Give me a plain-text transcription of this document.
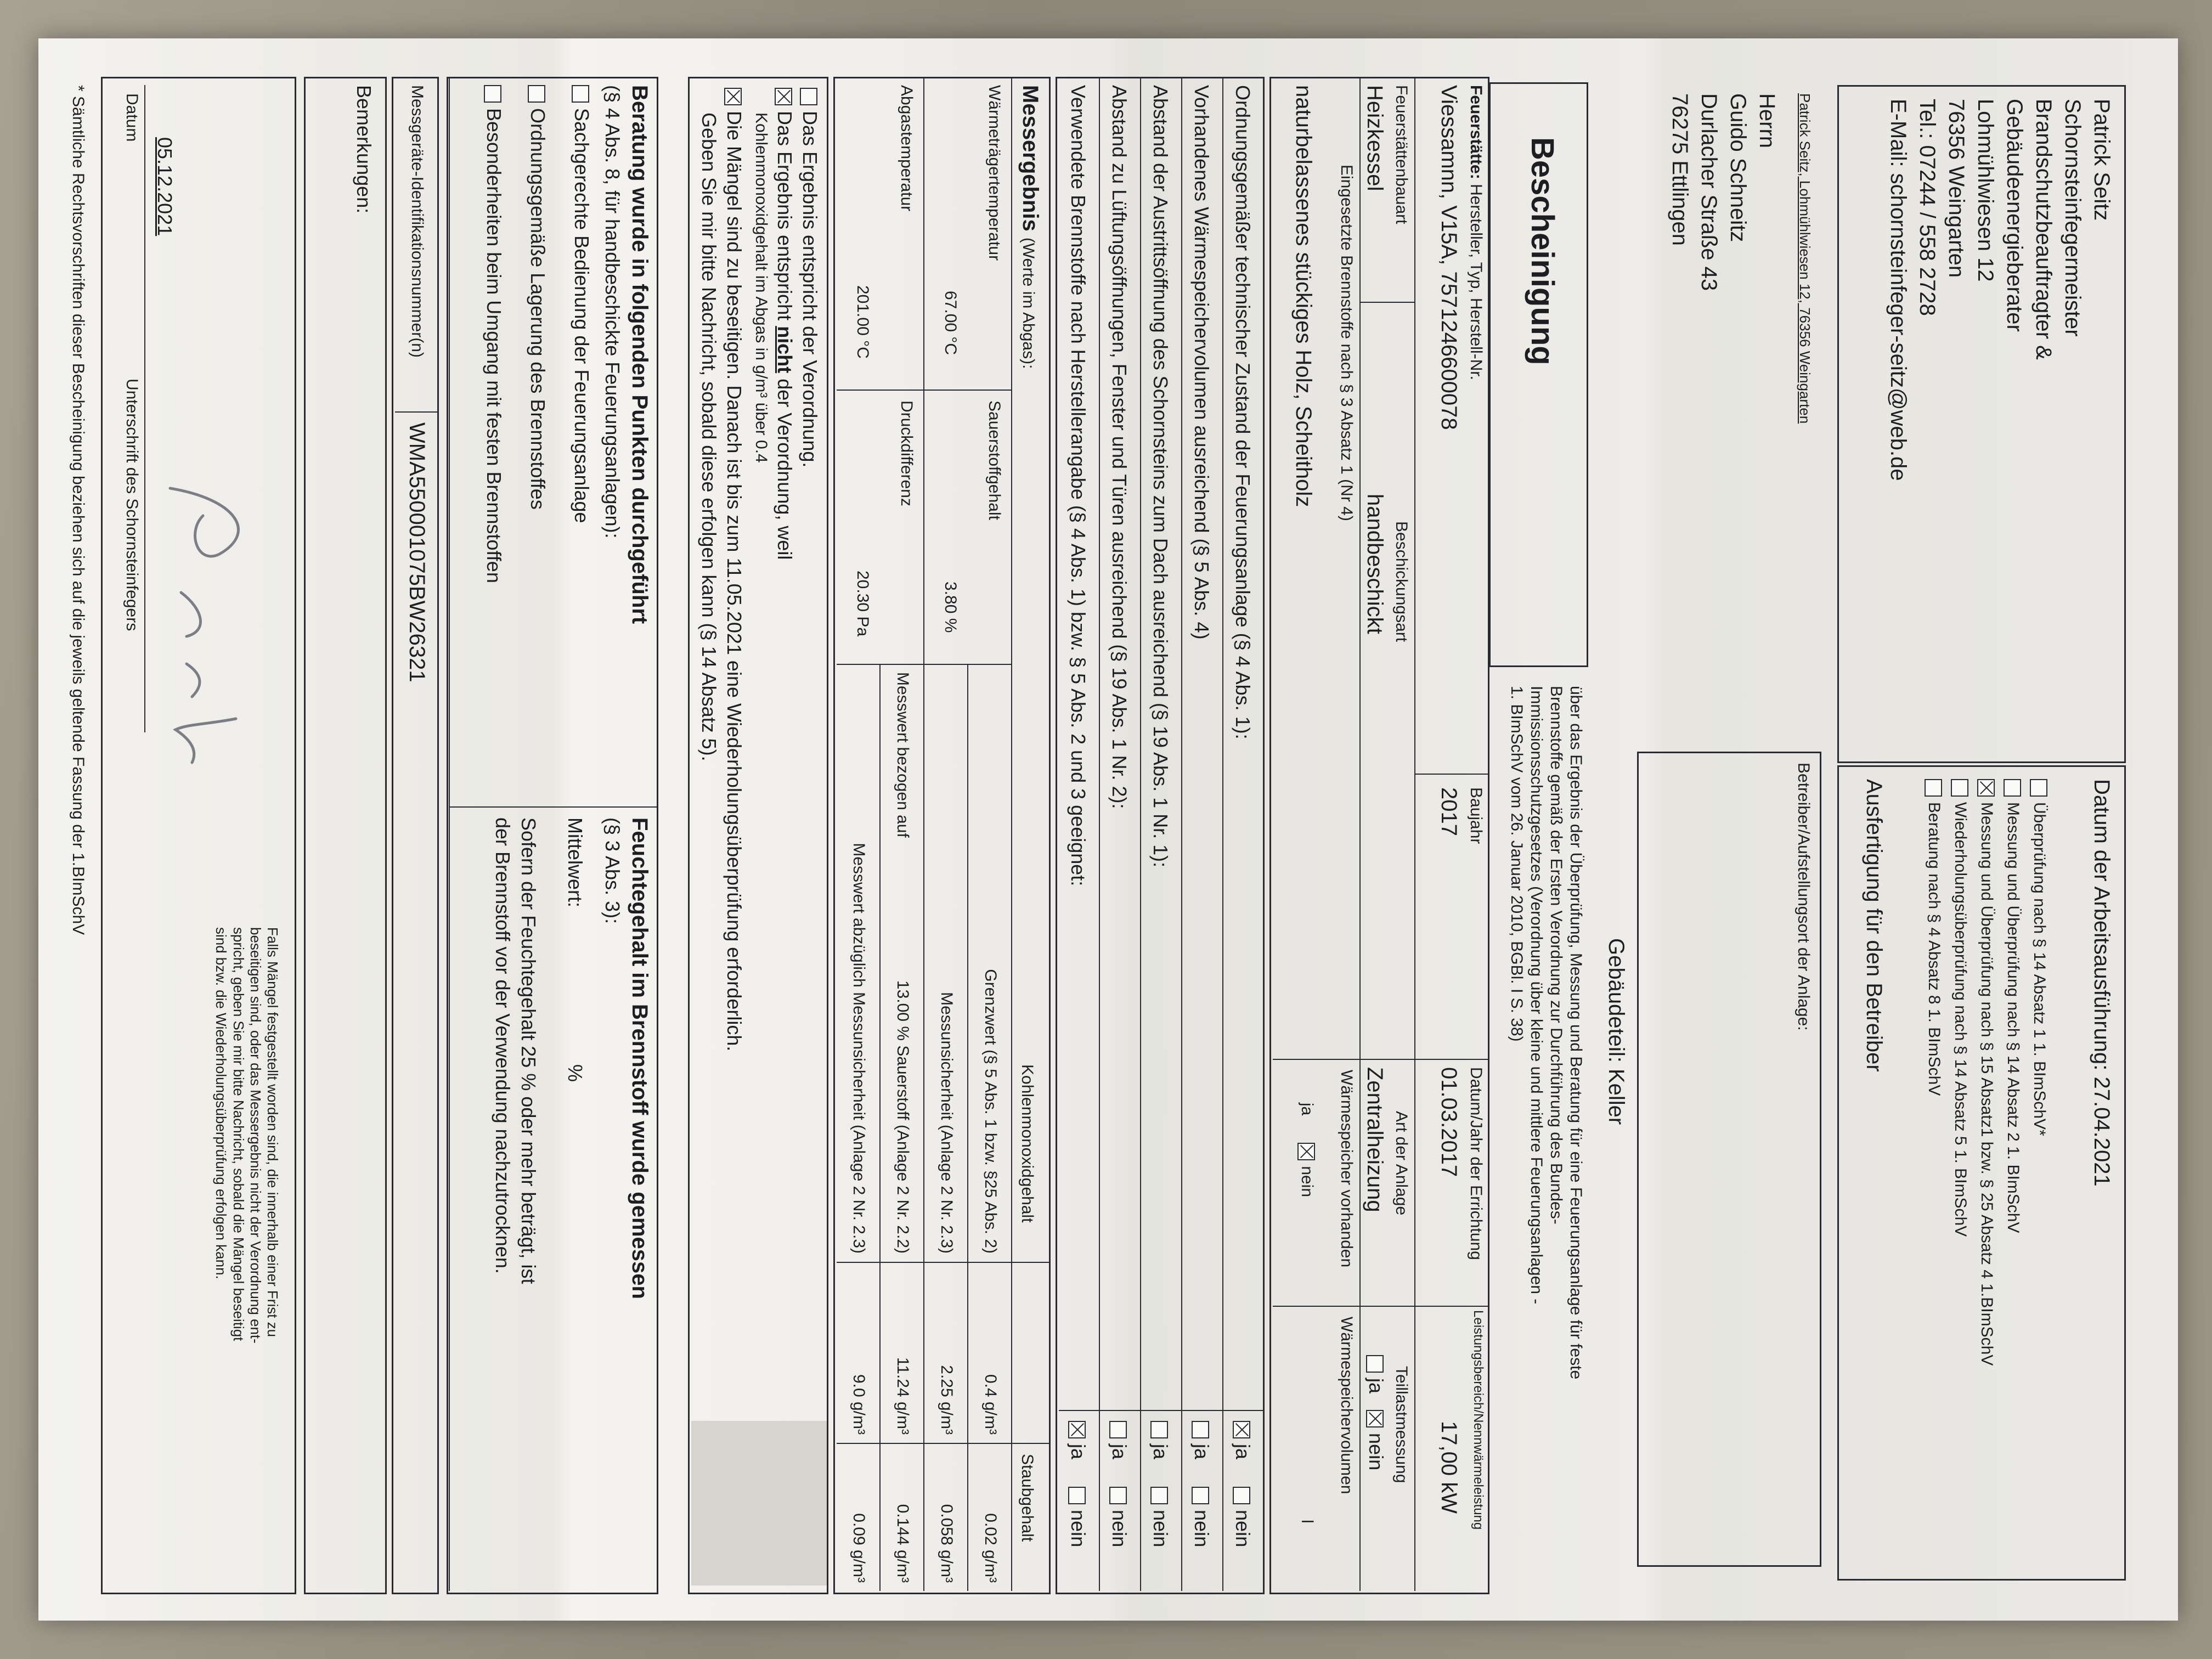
Patrick Seitz
Schornsteinfegermeister
Brandschutzbeauftragter &
Gebäudeenergieberater
Lohmühlwiesen 12
76356 Weingarten
Tel.: 07244 / 558 2728
E-Mail: schornsteinfeger-seitz@web.de
Datum der Arbeitsausführung: 27.04.2021
Überprüfung nach § 14 Absatz 1 1. BImSchV*
Messung und Überprüfung nach § 14 Absatz 2 1. BImSchV
Messung und Überprüfung nach § 15 Absatz1 bzw. § 25 Absatz 4 1.BImSchV
Wiederholungsüberprüfung nach § 14 Absatz 5 1. BImSchV
Beratung nach § 4 Absatz 8 1. BImSchV
Ausfertigung für den Betreiber
Patrick Seitz, Lohmühlwiesen 12, 76356 Weingarten
Herrn
Guido Schneitz
Durlacher Straße 43
76275 Ettlingen
Betreiber/Aufstellungsort der Anlage:
Gebäudeteil: Keller
Bescheinigung
über das Ergebnis der Überprüfung, Messung und Beratung für eine Feuerungsanlage für feste
Brennstoffe gemäß der Ersten Verordnung zur Durchführung des Bundes-
Immissionsschutzgesetzes (Verordnung über kleine und mittlere Feuerungsanlagen -
1. BImSchV vom 26. Januar 2010, BGBl. I S. 38)
Feuerstätte: Hersteller, Typ, Herstell-Nr.
Viessamnn, V15A, 7571246600078
Baujahr
2017
Datum/Jahr der Errichtung
01.03.2017
Leistungsbereich/Nennwärmeleistung
17,00 kW
Feuerstättenbauart
Heizkessel
Beschickungsart
handbeschickt
Art der Anlage
Zentralheizung
Teillastmessung
ja   nein
Eingesetzte Brennstoffe nach § 3 Absatz 1 (Nr 4)
naturbelassenes stückiges Holz, Scheitholz
Wärmespeicher vorhanden
ja      nein
Wärmespeichervolumen
l
Ordnungsgemäßer technischer Zustand der Feuerungsanlage (§ 4 Abs. 1):
ja     nein
Vorhandenes Wärmespeichervolumen ausreichend (§ 5 Abs. 4)
ja     nein
Abstand der Austrittsöffnung des Schornsteins zum Dach ausreichend (§ 19 Abs. 1 Nr. 1):
ja     nein
Abstand zu Lüftungsöffnungen, Fenster und Türen ausreichend (§ 19 Abs. 1 Nr. 2):
ja     nein
Verwendete Brennstoffe nach Herstellerangabe (§ 4 Abs. 1) bzw. § 5 Abs. 2 und 3 geeignet:
ja     nein
Messergebnis (Werte im Abgas):
Kohlenmonoxidgehalt
Staubgehalt
Wärmeträgertemperatur
67.00 °C
Sauerstoffgehalt
3.80 %
Abgastemperatur
201.00 °C
Druckdifferenz
20.30 Pa
Grenzwert (§ 5 Abs. 1 bzw. §25 Abs. 2)
0.4 g/m³
0.02 g/m³
Messunsicherheit (Anlage 2 Nr. 2.3)
2.25 g/m³
0.058 g/m³
Messwert bezogen auf
13.00 % Sauerstoff (Anlage 2 Nr. 2.2)
11.24 g/m³
0.144 g/m³
Messwert abzüglich Messunsicherheit (Anlage 2 Nr. 2.3)
9.0 g/m³
0.09 g/m³
Das Ergebnis entspricht der Verordnung.
Das Ergebnis entspricht nicht der Verordnung, weil
Kohlenmonoxidgehalt im Abgas in g/m³ über 0.4
Die Mängel sind zu beseitigen. Danach ist bis zum 11.05.2021 eine Wiederholungsüberprüfung erforderlich.
Geben Sie mir bitte Nachricht, sobald diese erfolgen kann (§ 14 Absatz 5).
Beratung wurde in folgenden Punkten durchgeführt
(§ 4 Abs. 8, für handbeschickte Feuerungsanlagen):
Sachgerechte Bedienung der Feuerungsanlage
Ordnungsgemäße Lagerung des Brennstoffes
Besonderheiten beim Umgang mit festen Brennstoffen
Feuchtegehalt im Brennstoff wurde gemessen
(§ 3 Abs. 3):
Mittelwert:
%
Sofern der Feuchtegehalt 25 % oder mehr beträgt, ist
der Brennstoff vor der Verwendung nachzutrocknen.
Messgeräte-Identifikationsnummer(n)
WMA550001075BW26321
Bemerkungen:
05.12.2021
Datum
Unterschrift des Schornsteinfegers
Falls Mängel festgestellt worden sind, die innerhalb einer Frist zu
beseitigen sind, oder das Messergebnis nicht der Verordnung ent-
spricht, geben Sie mir bitte Nachricht, sobald die Mängel beseitigt
sind bzw. die Wiederholungsüberprüfung erfolgen kann.
* Sämtliche Rechtsvorschriften dieser Bescheinigung beziehen sich auf die jeweils geltende Fassung der 1.BImSchV
